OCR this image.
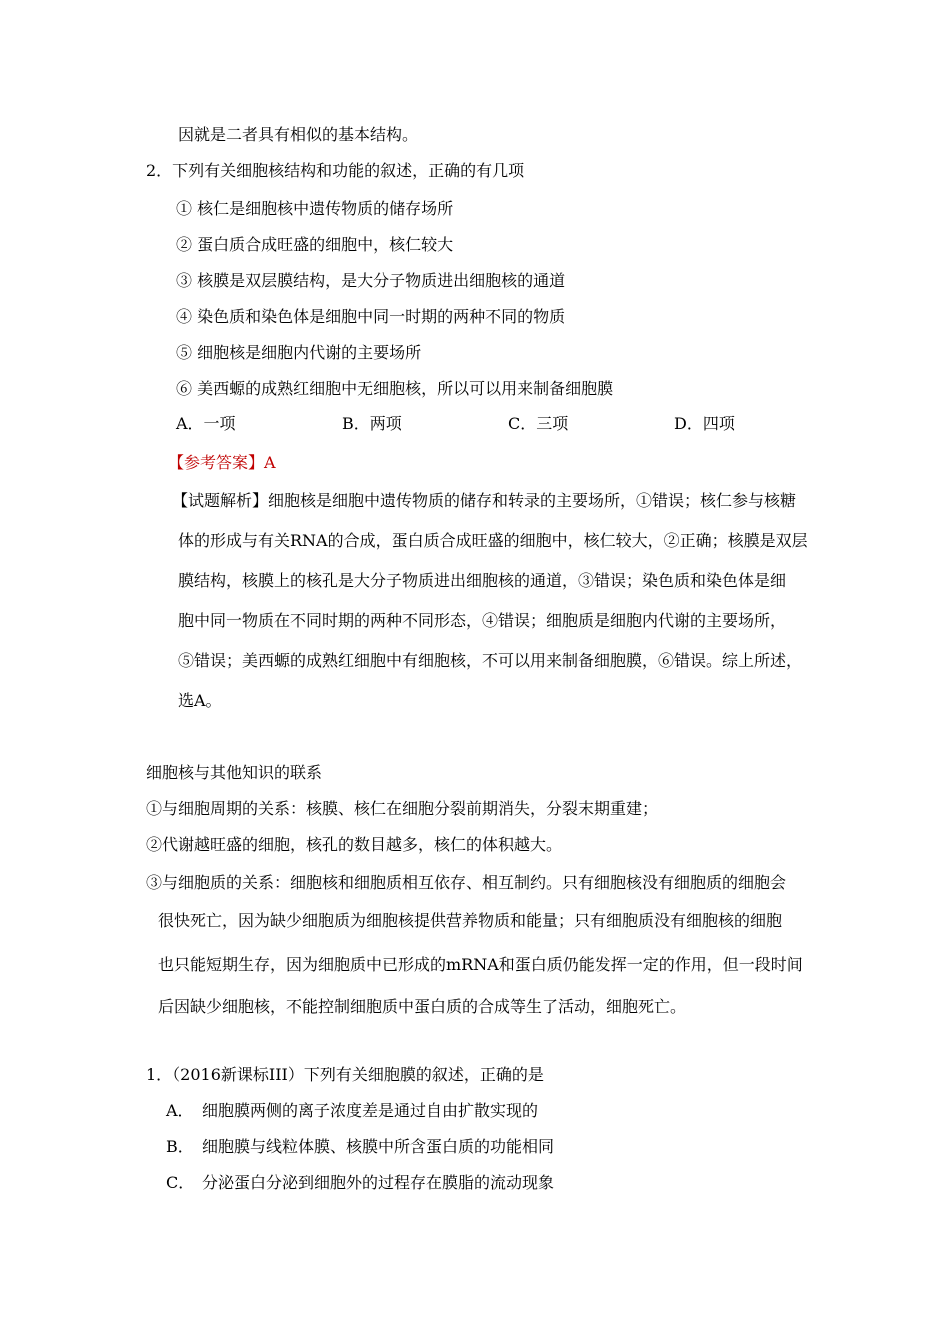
因就是二者具有相似的基本结构。
2．下列有关细胞核结构和功能的叙述，正确的有几项
① 核仁是细胞核中遗传物质的储存场所
② 蛋白质合成旺盛的细胞中，核仁较大
③ 核膜是双层膜结构，是大分子物质进出细胞核的通道
④ 染色质和染色体是细胞中同一时期的两种不同的物质
⑤ 细胞核是细胞内代谢的主要场所
⑥ 美西螈的成熟红细胞中无细胞核，所以可以用来制备细胞膜
A．一项	B．两项	C．三项	D．四项
【参考答案】A
【试题解析】细胞核是细胞中遗传物质的储存和转录的主要场所，①错误；核仁参与核糖
体的形成与有关RNA的合成，蛋白质合成旺盛的细胞中，核仁较大，②正确；核膜是双层
膜结构，核膜上的核孔是大分子物质进出细胞核的通道，③错误；染色质和染色体是细
胞中同一物质在不同时期的两种不同形态，④错误；细胞质是细胞内代谢的主要场所，
⑤错误；美西螈的成熟红细胞中有细胞核，不可以用来制备细胞膜，⑥错误。综上所述，
选A。
细胞核与其他知识的联系
①与细胞周期的关系：核膜、核仁在细胞分裂前期消失，分裂末期重建；
②代谢越旺盛的细胞，核孔的数目越多，核仁的体积越大。
③与细胞质的关系：细胞核和细胞质相互依存、相互制约。只有细胞核没有细胞质的细胞会
很快死亡，因为缺少细胞质为细胞核提供营养物质和能量；只有细胞质没有细胞核的细胞
也只能短期生存，因为细胞质中已形成的mRNA和蛋白质仍能发挥一定的作用，但一段时间
后因缺少细胞核，不能控制细胞质中蛋白质的合成等生了活动，细胞死亡。
1．（2016新课标III）下列有关细胞膜的叙述，正确的是
A． 细胞膜两侧的离子浓度差是通过自由扩散实现的
B． 细胞膜与线粒体膜、核膜中所含蛋白质的功能相同
C． 分泌蛋白分泌到细胞外的过程存在膜脂的流动现象
